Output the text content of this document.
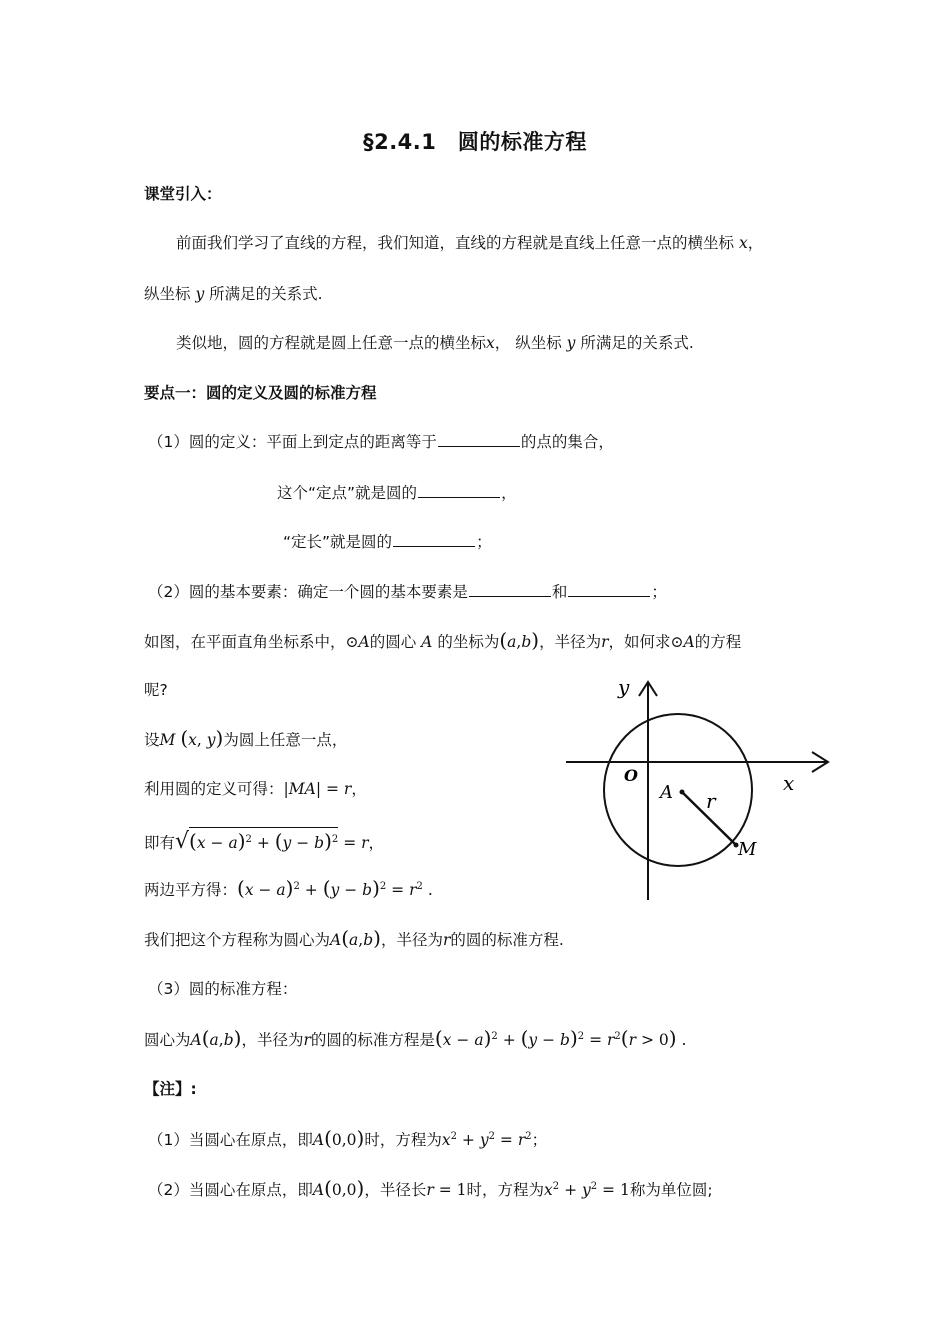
§2.4.1　圆的标准方程
课堂引入：
前面我们学习了直线的方程，我们知道，直线的方程就是直线上任意一点的横坐标 x，
纵坐标 y 所满足的关系式.
类似地，圆的方程就是圆上任意一点的横坐标x， 纵坐标 y 所满足的关系式.
要点一：圆的定义及圆的标准方程
（1）圆的定义：平面上到定点的距离等于	的点的集合，
这个“定点”就是圆的	，
“定长”就是圆的	；
（2）圆的基本要素：确定一个圆的基本要素是	和	；
如图，在平面直角坐标系中，⊙A的圆心 A 的坐标为(a,b)，半径为r，如何求⊙A的方程
呢?
设M (x, y)为圆上任意一点，
利用圆的定义可得：|MA| = r，
即有$√(x - a)^2 + (y - b)^2 = r$，
两边平方得：$(x - a)^2 + (y - b)^2 = r^2$ .
我们把这个方程称为圆心为A(a,b)，半径为r的圆的标准方程.
（3）圆的标准方程：
圆心为A(a,b)，半径为r的圆的标准方程是$(x - a)^2 + (y - b)^2 = r^2(r > 0)$ .
【注】:
（1）当圆心在原点，即A(0,0)时，方程为$x^2 + y^2 = r^2$；
（2）当圆心在原点，即A(0,0)，半径长r = 1时，方程为$x^2 + y^2 = 1$称为单位圆;
y
x
O
A r
M
